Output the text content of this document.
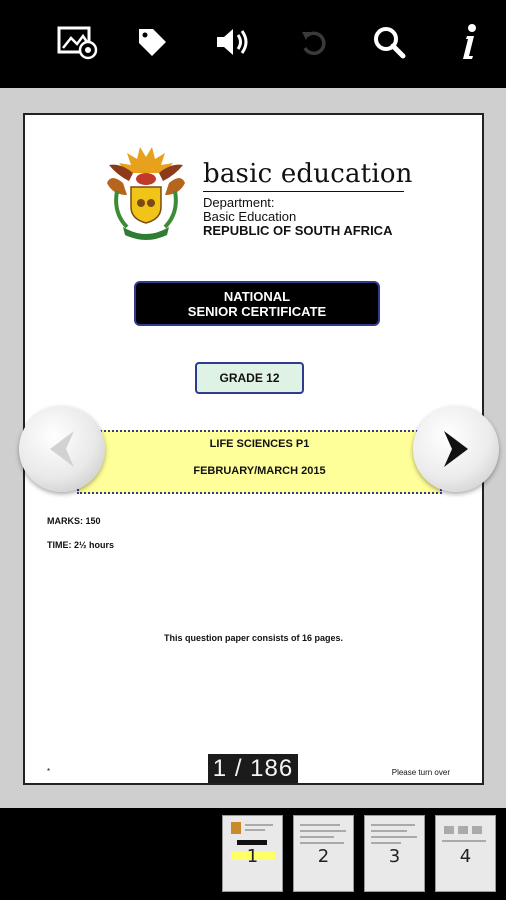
basic education
Department:
Basic Education
REPUBLIC OF SOUTH AFRICA
NATIONAL
SENIOR CERTIFICATE
GRADE 12
LIFE SCIENCES P1
FEBRUARY/MARCH 2015
MARKS: 150
TIME: 2½ hours
This question paper consists of 16 pages.
*	Please turn over
1 / 186
1	2	3	4
